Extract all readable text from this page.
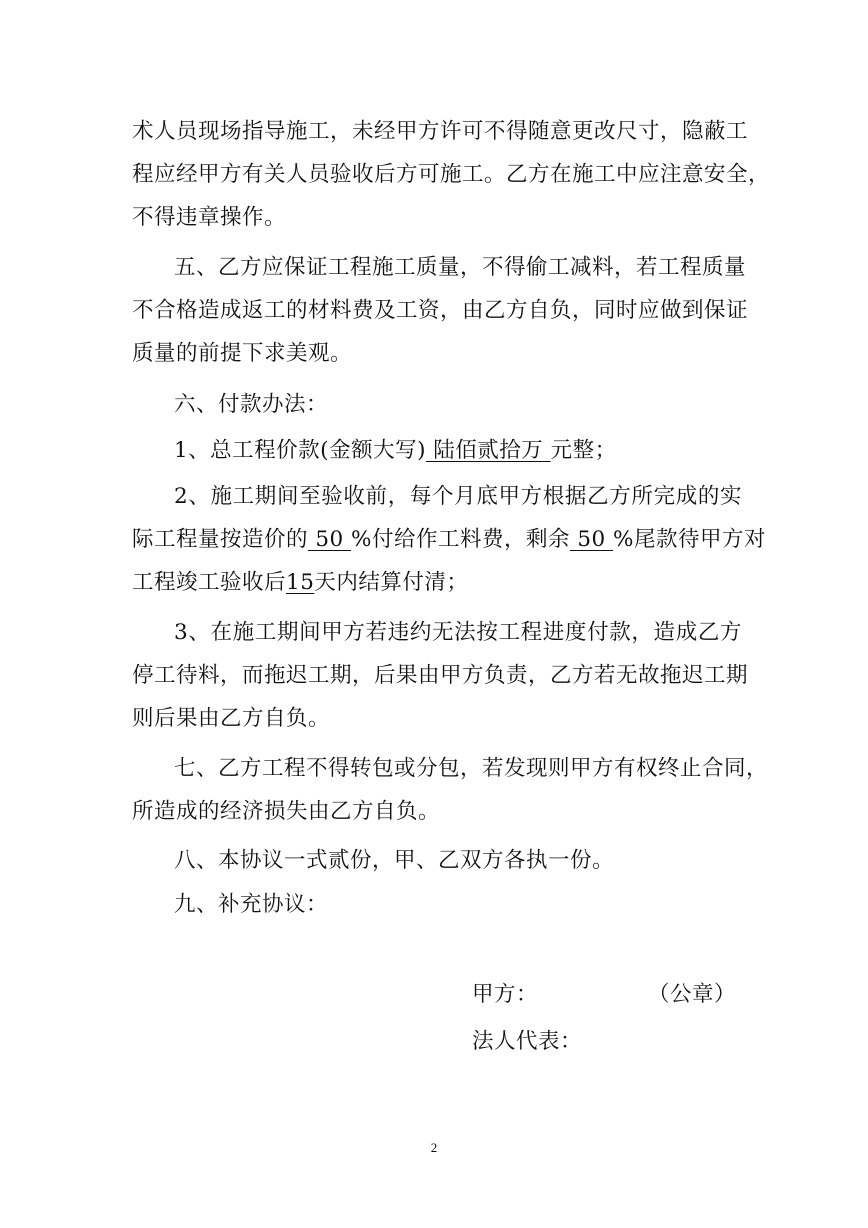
术人员现场指导施工，未经甲方许可不得随意更改尺寸，隐蔽工
程应经甲方有关人员验收后方可施工。乙方在施工中应注意安全，
不得违章操作。
五、乙方应保证工程施工质量，不得偷工减料，若工程质量
不合格造成返工的材料费及工资，由乙方自负，同时应做到保证
质量的前提下求美观。
六、付款办法：
1、总工程价款(金额大写) 陆佰贰拾万 元整；
2、施工期间至验收前，每个月底甲方根据乙方所完成的实
际工程量按造价的 50 %付给作工料费，剩余 50 %尾款待甲方对
工程竣工验收后15天内结算付清；
3、在施工期间甲方若违约无法按工程进度付款，造成乙方
停工待料，而拖迟工期，后果由甲方负责，乙方若无故拖迟工期
则后果由乙方自负。
七、乙方工程不得转包或分包，若发现则甲方有权终止合同，
所造成的经济损失由乙方自负。
八、本协议一式贰份，甲、乙双方各执一份。
九、补充协议：
甲方：	（公章）
法人代表：
2
